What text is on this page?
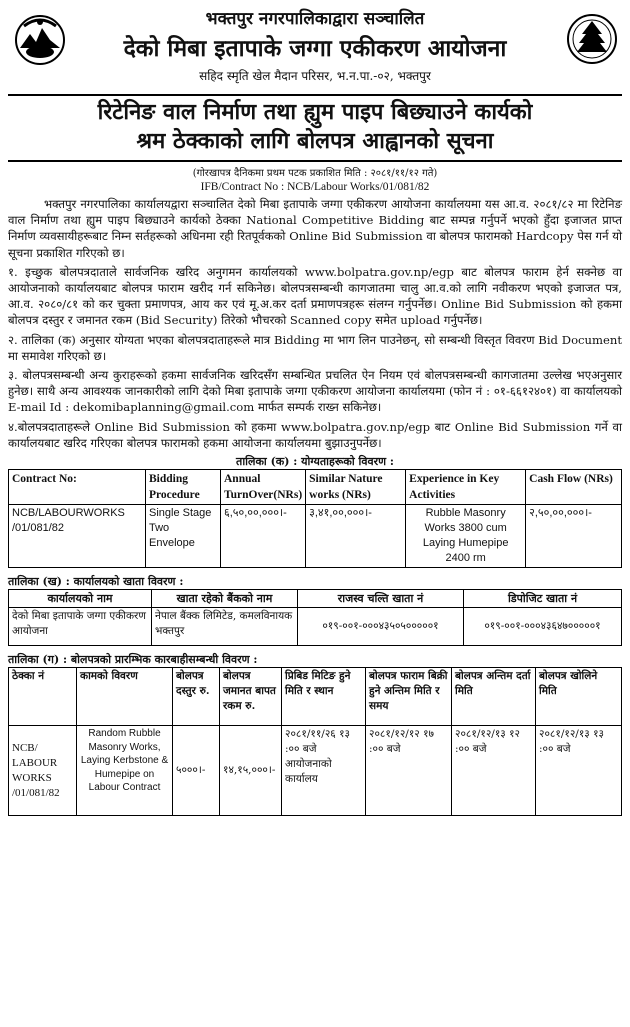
भक्तपुर नगरपालिकाद्वारा सञ्चालित
देको मिबा इतापाके जग्गा एकीकरण आयोजना
सहिद स्मृति खेल मैदान परिसर, भ.न.पा.-०२, भक्तपुर
रिटेनिङ वाल निर्माण तथा ह्युम पाइप बिछ्याउने कार्यको
श्रम ठेक्काको लागि बोलपत्र आह्वानको सूचना
(गोरखापत्र दैनिकमा प्रथम पटक प्रकाशित मिति : २०८१/११/१२ गते)
IFB/Contract No : NCB/Labour Works/01/081/82
भक्तपुर नगरपालिका कार्यालयद्वारा सञ्चालित देको मिबा इतापाके जग्गा एकीकरण आयोजना कार्यालयमा यस आ.व. २०८१/८२ मा रिटेनिङ वाल निर्माण तथा ह्युम पाइप बिछ्याउने कार्यको ठेक्का National Competitive Bidding बाट सम्पन्न गर्नुपर्ने भएको हुँदा इजाजत प्राप्त निर्माण व्यवसायीहरूबाट निम्न सर्तहरूको अधिनमा रही रितपूर्वकको Online Bid Submission वा बोलपत्र फारामको Hardcopy पेस गर्न यो सूचना प्रकाशित गरिएको छ।
१. इच्छुक बोलपत्रदाताले सार्वजनिक खरिद अनुगमन कार्यालयको www.bolpatra.gov.np/egp बाट बोलपत्र फाराम हेर्न सक्नेछ वा आयोजनाको कार्यालयबाट बोलपत्र फाराम खरीद गर्न सकिनेछ। बोलपत्रसम्बन्धी कागजातमा चालु आ.व.को लागि नवीकरण भएको इजाजत पत्र, आ.व. २०८०/८१ को कर चुक्ता प्रमाणपत्र, आय कर एवं मू.अ.कर दर्ता प्रमाणपत्रहरू संलग्न गर्नुपर्नेछ। Online Bid Submission को हकमा बोलपत्र दस्तुर र जमानत रकम (Bid Security) तिरेको भौचरको Scanned copy समेत upload गर्नुपर्नेछ।
२. तालिका (क) अनुसार योग्यता भएका बोलपत्रदाताहरूले मात्र Bidding मा भाग लिन पाउनेछन्, सो सम्बन्धी विस्तृत विवरण Bid Document मा समावेश गरिएको छ।
३. बोलपत्रसम्बन्धी अन्य कुराहरूको हकमा सार्वजनिक खरिदसँग सम्बन्धित प्रचलित ऐन नियम एवं बोलपत्रसम्बन्धी कागजातमा उल्लेख भएअनुसार हुनेछ। साथै अन्य आवश्यक जानकारीको लागि देको मिबा इतापाके जग्गा एकीकरण आयोजना कार्यालयमा (फोन नं : ०१-६६१२४०१) वा कार्यालयको E-mail Id : dekomibaplanning@gmail.com मार्फत सम्पर्क राख्न सकिनेछ।
४.बोलपत्रदाताहरूले Online Bid Submission को हकमा www.bolpatra.gov.np/egp बाट Online Bid Submission गर्ने वा कार्यालयबाट खरिद गरिएका बोलपत्र फारामको हकमा आयोजना कार्यालयमा बुझाउनुपर्नेछ।
तालिका (क) : योग्यताहरूको विवरण :
Contract No:	Bidding Procedure	Annual TurnOver(NRs)	Similar Nature works (NRs)	Experience in Key Activities	Cash Flow (NRs)
NCB/LABOURWORKS /01/081/82	Single Stage Two Envelope	६,५०,००,०००।-	३,४१,००,०००।-	Rubble Masonry Works 3800 cum Laying Humepipe 2400 rm	२,५०,००,०००।-
तालिका (ख) : कार्यालयको खाता विवरण :
कार्यालयको नाम	खाता रहेको बैंकको नाम	राजस्व चल्ति खाता नं	डिपोजिट खाता नं
देको मिबा इतापाके जग्गा एकीकरण आयोजना	नेपाल बैंक्क लिमिटेड, कमलविनायक भक्तपुर	०१९-००१-०००४३५०५०००००१	०१९-००१-०००४३६४७०००००१
तालिका (ग) : बोलपत्रको प्रारम्भिक कारबाहीसम्बन्धी विवरण :
ठेक्का नं	कामको विवरण	बोलपत्र दस्तुर रु.	बोलपत्र जमानत बापत रकम रु.	प्रिबिड मिटिङ हुने मिति र स्थान	बोलपत्र फाराम बिक्री हुने अन्तिम मिति र समय	बोलपत्र अन्तिम दर्ता मिति	बोलपत्र खोलिने मिति
NCB/ LABOUR WORKS /01/081/82	Random Rubble Masonry Works, Laying Kerbstone & Humepipe on Labour Contract	५०००।-	१४,१५,०००।-	२०८१/११/२६ १३ :०० बजे आयोजनाको कार्यालय	२०८१/१२/१२ १७ :०० बजे	२०८१/१२/१३ १२ :०० बजे	२०८१/१२/१३ १३ :०० बजे
